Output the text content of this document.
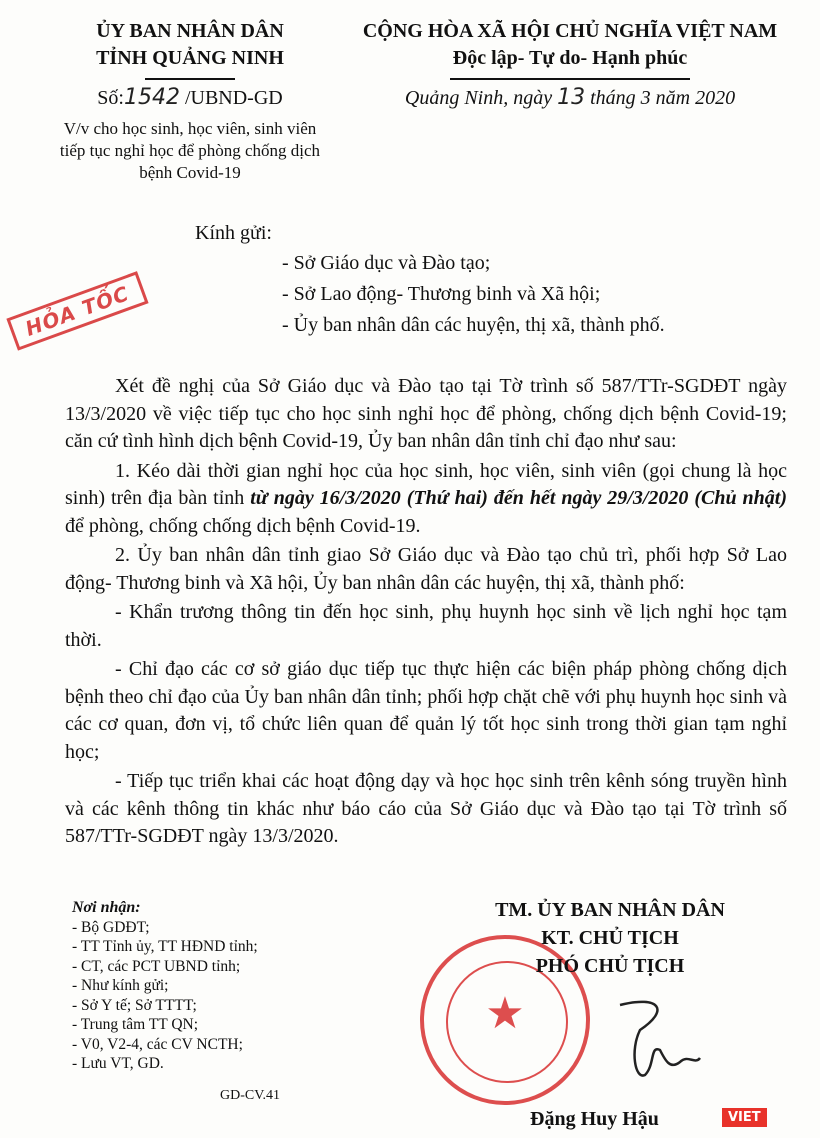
ỦY BAN NHÂN DÂN
TỈNH QUẢNG NINH
CỘNG HÒA XÃ HỘI CHỦ NGHĨA VIỆT NAM
Độc lập- Tự do- Hạnh phúc
Số:1542 /UBND-GD
V/v cho học sinh, học viên, sinh viên tiếp tục nghỉ học để phòng chống dịch bệnh Covid-19
Quảng Ninh, ngày 13 tháng 3 năm 2020
Kính gửi:
- Sở Giáo dục và Đào tạo;
- Sở Lao động- Thương binh và Xã hội;
- Ủy ban nhân dân các huyện, thị xã, thành phố.
HỎA TỐC

Xét đề nghị của Sở Giáo dục và Đào tạo tại Tờ trình số 587/TTr-SGDĐT ngày 13/3/2020 về việc tiếp tục cho học sinh nghỉ học để phòng, chống dịch bệnh Covid-19; căn cứ tình hình dịch bệnh Covid-19, Ủy ban nhân dân tỉnh chỉ đạo như sau:

1. Kéo dài thời gian nghỉ học của học sinh, học viên, sinh viên (gọi chung là học sinh) trên địa bàn tỉnh từ ngày 16/3/2020 (Thứ hai) đến hết ngày 29/3/2020 (Chủ nhật) để phòng, chống chống dịch bệnh Covid-19.

2. Ủy ban nhân dân tỉnh giao Sở Giáo dục và Đào tạo chủ trì, phối hợp Sở Lao động- Thương binh và Xã hội, Ủy ban nhân dân các huyện, thị xã, thành phố:

- Khẩn trương thông tin đến học sinh, phụ huynh học sinh về lịch nghỉ học tạm thời.

- Chỉ đạo các cơ sở giáo dục tiếp tục thực hiện các biện pháp phòng chống dịch bệnh theo chỉ đạo của Ủy ban nhân dân tỉnh; phối hợp chặt chẽ với phụ huynh học sinh và các cơ quan, đơn vị, tổ chức liên quan để quản lý tốt học sinh trong thời gian tạm nghỉ học;

- Tiếp tục triển khai các hoạt động dạy và học học sinh trên kênh sóng truyền hình và các kênh thông tin khác như báo cáo của Sở Giáo dục và Đào tạo tại Tờ trình số 587/TTr-SGDĐT ngày 13/3/2020.

Nơi nhận:
- Bộ GDĐT;
- TT Tỉnh ủy, TT HĐND tỉnh;
- CT, các PCT UBND tỉnh;
- Như kính gửi;
- Sở Y tế; Sở TTTT;
- Trung tâm TT QN;
- V0, V2-4, các CV NCTH;
- Lưu VT, GD.
GD-CV.41
★
TM. ỦY BAN NHÂN DÂN
KT. CHỦ TỊCH
PHÓ CHỦ TỊCH
Đặng Huy Hậu	VIET
